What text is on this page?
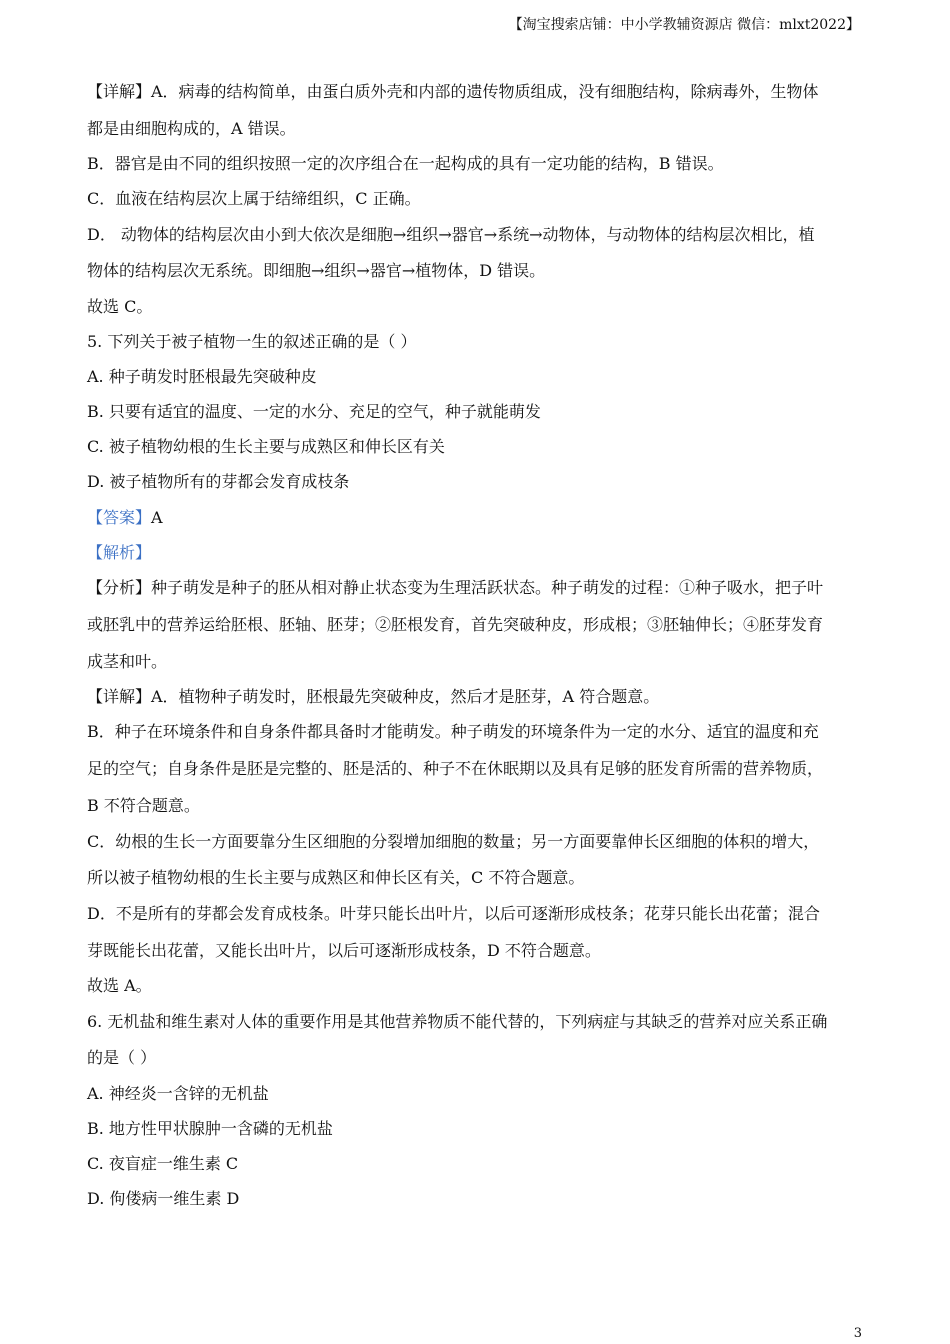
【淘宝搜索店铺：中小学教辅资源店 微信：mlxt2022】
【详解】A．病毒的结构简单，由蛋白质外壳和内部的遗传物质组成，没有细胞结构，除病毒外，生物体
都是由细胞构成的，A 错误。
B．器官是由不同的组织按照一定的次序组合在一起构成的具有一定功能的结构，B 错误。
C．血液在结构层次上属于结缔组织，C 正确。
D． 动物体的结构层次由小到大依次是细胞→组织→器官→系统→动物体，与动物体的结构层次相比，植
物体的结构层次无系统。即细胞→组织→器官→植物体，D 错误。
故选 C。
5. 下列关于被子植物一生的叙述正确的是（ ）
A. 种子萌发时胚根最先突破种皮
B. 只要有适宜的温度、一定的水分、充足的空气，种子就能萌发
C. 被子植物幼根的生长主要与成熟区和伸长区有关
D. 被子植物所有的芽都会发育成枝条
【答案】A
【解析】
【分析】种子萌发是种子的胚从相对静止状态变为生理活跃状态。种子萌发的过程：①种子吸水，把子叶
或胚乳中的营养运给胚根、胚轴、胚芽；②胚根发育，首先突破种皮，形成根；③胚轴伸长；④胚芽发育
成茎和叶。
【详解】A．植物种子萌发时，胚根最先突破种皮，然后才是胚芽，A 符合题意。
B．种子在环境条件和自身条件都具备时才能萌发。种子萌发的环境条件为一定的水分、适宜的温度和充
足的空气；自身条件是胚是完整的、胚是活的、种子不在休眠期以及具有足够的胚发育所需的营养物质，
B 不符合题意。
C．幼根的生长一方面要靠分生区细胞的分裂增加细胞的数量；另一方面要靠伸长区细胞的体积的增大，
所以被子植物幼根的生长主要与成熟区和伸长区有关，C 不符合题意。
D．不是所有的芽都会发育成枝条。叶芽只能长出叶片，以后可逐渐形成枝条；花芽只能长出花蕾；混合
芽既能长出花蕾，又能长出叶片，以后可逐渐形成枝条，D 不符合题意。
故选 A。
6. 无机盐和维生素对人体的重要作用是其他营养物质不能代替的，下列病症与其缺乏的营养对应关系正确
的是（ ）
A. 神经炎一含锌的无机盐
B. 地方性甲状腺肿一含磷的无机盐
C. 夜盲症一维生素 C
D. 佝偻病一维生素 D
3
